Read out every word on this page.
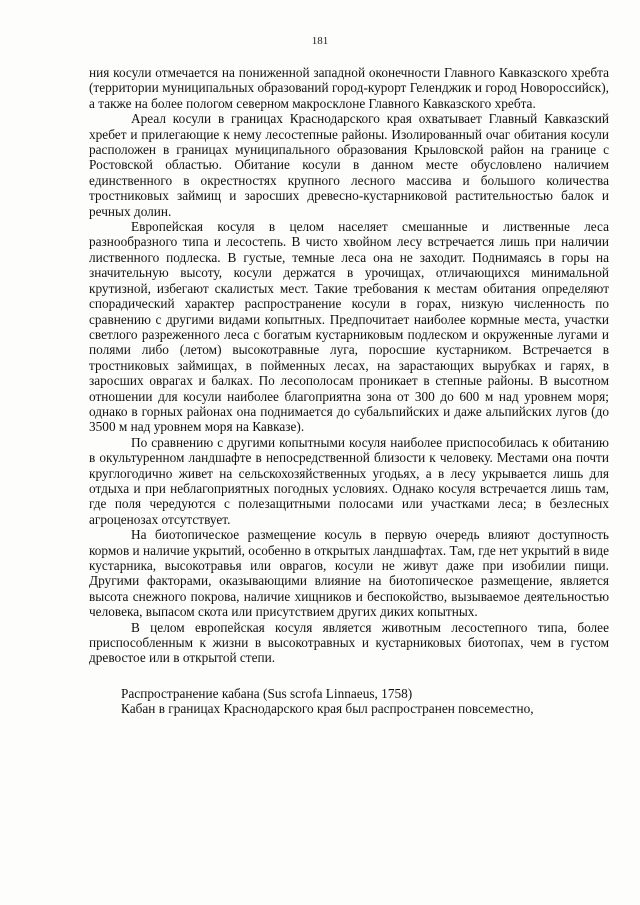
181

ния косули отмечается на пониженной западной оконечности Главного Кавказского хребта (территории муниципальных образований город-курорт Геленджик и город Новороссийск), а также на более пологом северном макросклоне Главного Кавказского хребта.

Ареал косули в границах Краснодарского края охватывает Главный Кавказский хребет и прилегающие к нему лесостепные районы. Изолированный очаг обитания косули расположен в границах муниципального образования Крыловской район на границе с Ростовской областью. Обитание косули в данном месте обусловлено наличием единственного в окрестностях крупного лесного массива и большого количества тростниковых займищ и заросших древесно-кустарниковой растительностью балок и речных долин.

Европейская косуля в целом населяет смешанные и лиственные леса разнообразного типа и лесостепь. В чисто хвойном лесу встречается лишь при наличии лиственного подлеска. В густые, темные леса она не заходит. Поднимаясь в горы на значительную высоту, косули держатся в урочищах, отличающихся минимальной крутизной, избегают скалистых мест. Такие требования к местам обитания определяют спорадический характер распространение косули в горах, низкую численность по сравнению с другими видами копытных. Предпочитает наиболее кормные места, участки светлого разреженного леса с богатым кустарниковым подлеском и окруженные лугами и полями либо (летом) высокотравные луга, поросшие кустарником. Встречается в тростниковых займищах, в пойменных лесах, на зарастающих вырубках и гарях, в заросших оврагах и балках. По лесополосам проникает в степные районы. В высотном отношении для косули наиболее благоприятна зона от 300 до 600 м над уровнем моря; однако в горных районах она поднимается до субальпийских и даже альпийских лугов (до 3500 м над уровнем моря на Кавказе).

По сравнению с другими копытными косуля наиболее приспособилась к обитанию в окультуренном ландшафте в непосредственной близости к человеку. Местами она почти круглогодично живет на сельскохозяйственных угодьях, а в лесу укрывается лишь для отдыха и при неблагоприятных погодных условиях. Однако косуля встречается лишь там, где поля чередуются с полезащитными полосами или участками леса; в безлесных агроценозах отсутствует.

На биотопическое размещение косуль в первую очередь влияют доступность кормов и наличие укрытий, особенно в открытых ландшафтах. Там, где нет укрытий в виде кустарника, высокотравья или оврагов, косули не живут даже при изобилии пищи. Другими факторами, оказывающими влияние на биотопическое размещение, является высота снежного покрова, наличие хищников и беспокойство, вызываемое деятельностью человека, выпасом скота или присутствием других диких копытных.

В целом европейская косуля является животным лесостепного типа, более приспособленным к жизни в высокотравных и кустарниковых биотопах, чем в густом древостое или в открытой степи.

Распространение кабана (Sus scrofa Linnaeus, 1758)

Кабан в границах Краснодарского края был распространен повсеместно,
